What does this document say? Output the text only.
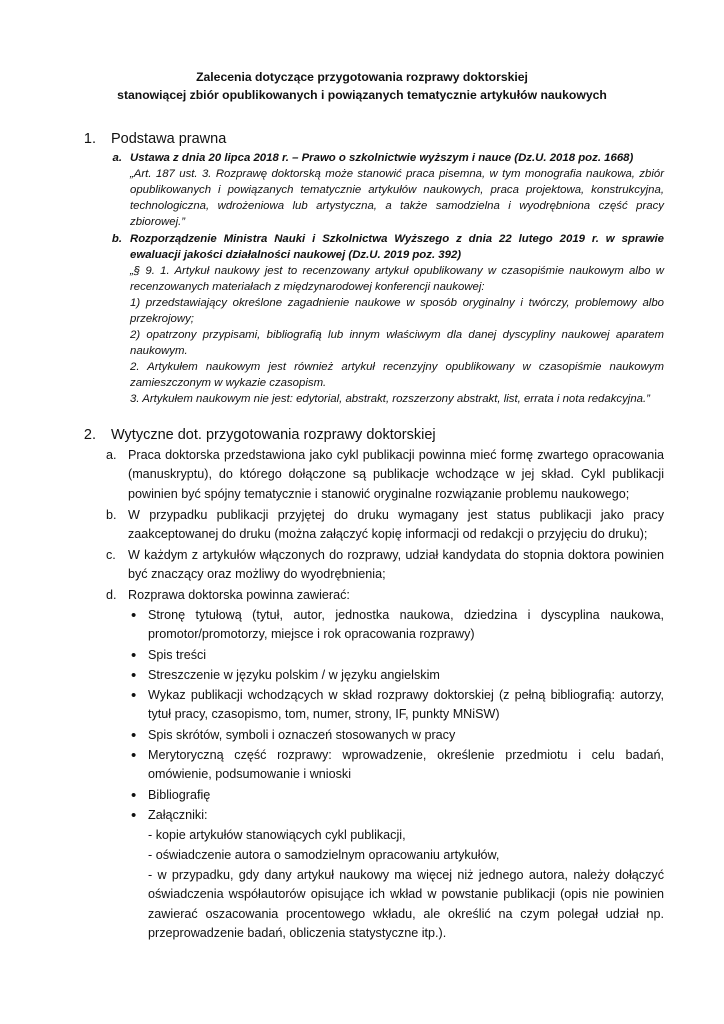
Zalecenia dotyczące przygotowania rozprawy doktorskiej
stanowiącej zbiór opublikowanych i powiązanych tematycznie artykułów naukowych
1. Podstawa prawna
a. Ustawa z dnia 20 lipca 2018 r. – Prawo o szkolnictwie wyższym i nauce (Dz.U. 2018 poz. 1668)
„Art. 187 ust. 3. Rozprawę doktorską może stanowić praca pisemna, w tym monografia naukowa, zbiór opublikowanych i powiązanych tematycznie artykułów naukowych, praca projektowa, konstrukcyjna, technologiczna, wdrożeniowa lub artystyczna, a także samodzielna i wyodrębniona część pracy zbiorowej.”
b. Rozporządzenie Ministra Nauki i Szkolnictwa Wyższego z dnia 22 lutego 2019 r. w sprawie ewaluacji jakości działalności naukowej (Dz.U. 2019 poz. 392)
„§ 9. 1. Artykuł naukowy jest to recenzowany artykuł opublikowany w czasopiśmie naukowym albo w recenzowanych materiałach z międzynarodowej konferencji naukowej:
1) przedstawiający określone zagadnienie naukowe w sposób oryginalny i twórczy, problemowy albo przekrojowy;
2) opatrzony przypisami, bibliografią lub innym właściwym dla danej dyscypliny naukowej aparatem naukowym.
2. Artykułem naukowym jest również artykuł recenzyjny opublikowany w czasopiśmie naukowym zamieszczonym w wykazie czasopism.
3. Artykułem naukowym nie jest: edytorial, abstrakt, rozszerzony abstrakt, list, errata i nota redakcyjna.”
2. Wytyczne dot. przygotowania rozprawy doktorskiej
a. Praca doktorska przedstawiona jako cykl publikacji powinna mieć formę zwartego opracowania (manuskryptu), do którego dołączone są publikacje wchodzące w jej skład. Cykl publikacji powinien być spójny tematycznie i stanowić oryginalne rozwiązanie problemu naukowego;
b. W przypadku publikacji przyjętej do druku wymagany jest status publikacji jako pracy zaakceptowanej do druku (można załączyć kopię informacji od redakcji o przyjęciu do druku);
c. W każdym z artykułów włączonych do rozprawy, udział kandydata do stopnia doktora powinien być znaczący oraz możliwy do wyodrębnienia;
d. Rozprawa doktorska powinna zawierać:
• Stronę tytułową (tytuł, autor, jednostka naukowa, dziedzina i dyscyplina naukowa, promotor/promotorzy, miejsce i rok opracowania rozprawy)
• Spis treści
• Streszczenie w języku polskim / w języku angielskim
• Wykaz publikacji wchodzących w skład rozprawy doktorskiej (z pełną bibliografią: autorzy, tytuł pracy, czasopismo, tom, numer, strony, IF, punkty MNiSW)
• Spis skrótów, symboli i oznaczeń stosowanych w pracy
• Merytoryczną część rozprawy: wprowadzenie, określenie przedmiotu i celu badań, omówienie, podsumowanie i wnioski
• Bibliografię
• Załączniki:
- kopie artykułów stanowiących cykl publikacji,
- oświadczenie autora o samodzielnym opracowaniu artykułów,
- w przypadku, gdy dany artykuł naukowy ma więcej niż jednego autora, należy dołączyć oświadczenia współautorów opisujące ich wkład w powstanie publikacji (opis nie powinien zawierać oszacowania procentowego wkładu, ale określić na czym polegał udział np. przeprowadzenie badań, obliczenia statystyczne itp.).
